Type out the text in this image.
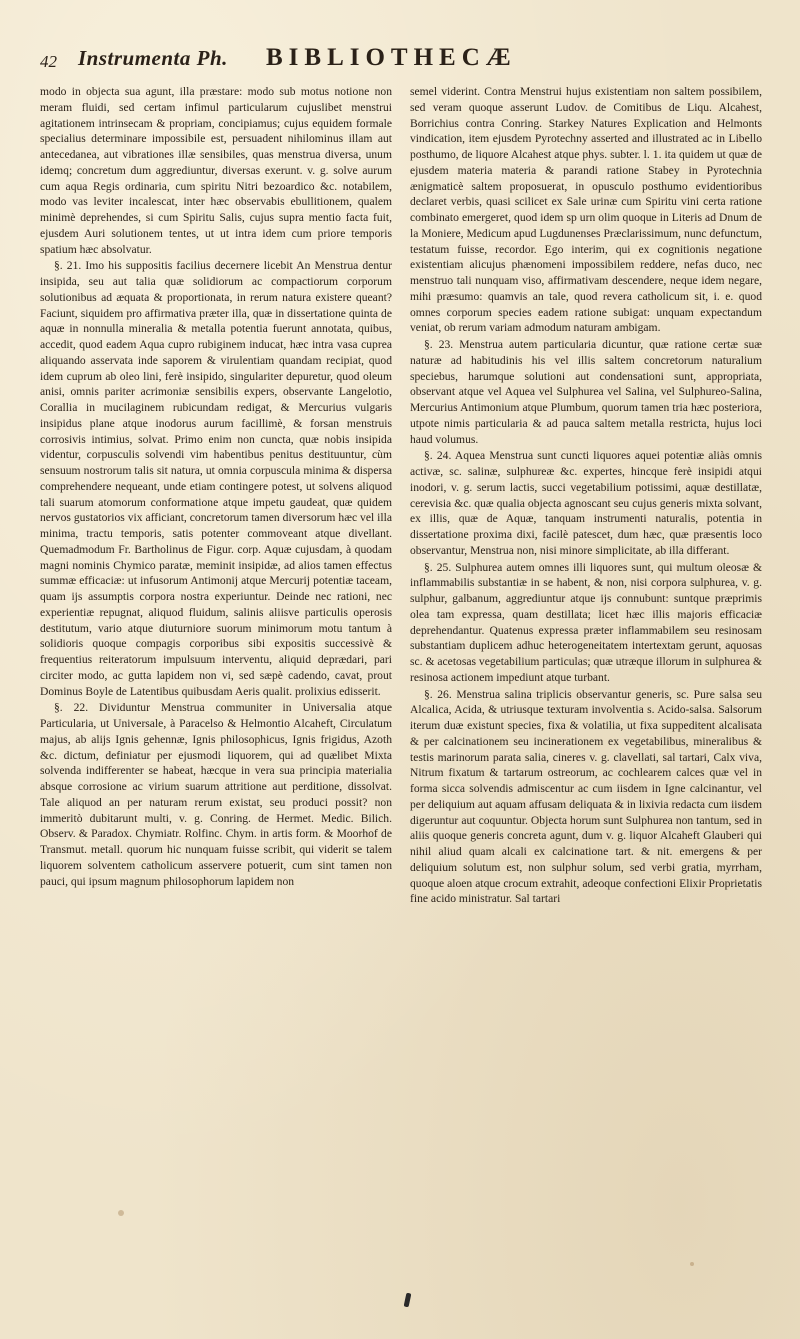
42 Instrumenta Ph. BIBLIOTHECÆ

modo in objecta sua agunt, illa præstare: modo sub motus notione non meram fluidi, sed certam infimul particularum cujuslibet menstrui agitationem intrinsecam & propriam, concipiamus; cujus equidem formale specialius determinare impossibile est, persuadent nihilominus illam aut antecedanea, aut vibrationes illæ sensibiles, quas menstrua diversa, unum idemq; concretum dum aggrediuntur, diversas exerunt. v. g. solve aurum cum aqua Regis ordinaria, cum spiritu Nitri bezoardico &c. notabilem, modo vas leviter incalescat, inter hæc observabis ebullitionem, qualem minimè deprehendes, si cum Spiritu Salis, cujus supra mentio facta fuit, ejusdem Auri solutionem tentes, ut ut intra idem cum priore temporis spatium hæc absolvatur.

§. 21. Imo his suppositis facilius decernere licebit An Menstrua dentur insipida, seu aut talia quæ solidiorum ac compactiorum corporum solutionibus ad æquata & proportionata, in rerum natura existere queant? Faciunt, siquidem pro affirmativa præter illa, quæ in dissertatione quinta de aquæ in nonnulla mineralia & metalla potentia fuerunt annotata, quibus, accedit, quod eadem Aqua cupro rubiginem inducat, hæc intra vasa cuprea aliquando asservata inde saporem & virulentiam quandam recipiat, quod idem cuprum ab oleo lini, ferè insipido, singulariter depuretur, quod oleum anisi, omnis pariter acrimoniæ sensibilis expers, observante Langelotio, Corallia in mucilaginem rubicundam redigat, & Mercurius vulgaris insipidus plane atque inodorus aurum facillimè, & forsan menstruis corrosivis intimius, solvat. Primo enim non cuncta, quæ nobis insipida videntur, corpusculis solvendi vim habentibus penitus destituuntur, cùm sensuum nostrorum talis sit natura, ut omnia corpuscula minima & dispersa comprehendere nequeant, unde etiam contingere potest, ut solvens aliquod tali suarum atomorum conformatione atque impetu gaudeat, quæ quidem nervos gustatorios vix afficiant, concretorum tamen diversorum hæc vel illa minima, tractu temporis, satis potenter commoveant atque divellant. Quemadmodum Fr. Bartholinus de Figur. corp. Aquæ cujusdam, à quodam magni nominis Chymico paratæ, meminit insipidæ, ad alios tamen effectus summæ efficaciæ: ut infusorum Antimonij atque Mercurij potentiæ taceam, quam ijs assumptis corpora nostra experiuntur. Deinde nec rationi, nec experientiæ repugnat, aliquod fluidum, salinis aliisve particulis operosis destitutum, vario atque diuturniore suorum minimorum motu tantum à solidioris quoque compagis corporibus sibi expositis successivè & frequentius reiteratorum impulsuum interventu, aliquid deprædari, pari circiter modo, ac gutta lapidem non vi, sed sæpè cadendo, cavat, prout Dominus Boyle de Latentibus quibusdam Aeris qualit. prolixius edisserit.

§. 22. Dividuntur Menstrua communiter in Universalia atque Particularia, ut Universale, à Paracelso & Helmontio Alcaheft, Circulatum majus, ab alijs Ignis gehennæ, Ignis philosophicus, Ignis frigidus, Azoth &c. dictum, definiatur per ejusmodi liquorem, qui ad quælibet Mixta solvenda indifferenter se habeat, hæcque in vera sua principia materialia absque corrosione ac virium suarum attritione aut perditione, dissolvat. Tale aliquod an per naturam rerum existat, seu produci possit? non immeritò dubitarunt multi, v. g. Conring. de Hermet. Medic. Bilich. Observ. & Paradox. Chymiatr. Rolfinc. Chym. in artis form. & Moorhof de Transmut. metall. quorum hic nunquam fuisse scribit, qui viderit se talem liquorem solventem catholicum asservere potuerit, cum sint tamen non pauci, qui ipsum magnum philosophorum lapidem non

semel viderint. Contra Menstrui hujus existentiam non saltem possibilem, sed veram quoque asserunt Ludov. de Comitibus de Liqu. Alcahest, Borrichius contra Conring. Starkey Natures Explication and Helmonts vindication, item ejusdem Pyrotechny asserted and illustrated ac in Libello posthumo, de liquore Alcahest atque phys. subter. l. 1. ita quidem ut quæ de ejusdem materia materia & parandi ratione Stabey in Pyrotechnia ænigmaticè saltem proposuerat, in opusculo posthumo evidentioribus declaret verbis, quasi scilicet ex Sale urinæ cum Spiritu vini certa ratione combinato emergeret, quod idem sp urn olim quoque in Literis ad Dnum de la Moniere, Medicum apud Lugdunenses Præclarissimum, nunc defunctum, testatum fuisse, recordor. Ego interim, qui ex cognitionis negatione existentiam alicujus phænomeni impossibilem reddere, nefas duco, nec menstruo tali nunquam viso, affirmativam descendere, neque idem negare, mihi præsumo: quamvis an tale, quod revera catholicum sit, i. e. quod omnes corporum species eadem ratione subigat: unquam expectandum veniat, ob rerum variam admodum naturam ambigam.

§. 23. Menstrua autem particularia dicuntur, quæ ratione certæ suæ naturæ ad habitudinis his vel illis saltem concretorum naturalium speciebus, harumque solutioni aut condensationi sunt, appropriata, observant atque vel Aquea vel Sulphurea vel Salina, vel Sulphureo-Salina, Mercurius Antimonium atque Plumbum, quorum tamen tria hæc posteriora, utpote nimis particularia & ad pauca saltem metalla restricta, hujus loci haud volumus.

§. 24. Aquea Menstrua sunt cuncti liquores aquei potentiæ aliàs omnis activæ, sc. salinæ, sulphureæ &c. expertes, hincque ferè insipidi atqui inodori, v. g. serum lactis, succi vegetabilium potissimi, aquæ destillatæ, cerevisia &c. quæ qualia objecta agnoscant seu cujus generis mixta solvant, ex illis, quæ de Aquæ, tanquam instrumenti naturalis, potentia in dissertatione proxima dixi, facilè patescet, dum hæc, quæ præsentis loco observantur, Menstrua non, nisi minore simplicitate, ab illa differant.

§. 25. Sulphurea autem omnes illi liquores sunt, qui multum oleosæ & inflammabilis substantiæ in se habent, & non, nisi corpora sulphurea, v. g. sulphur, galbanum, aggrediuntur atque ijs connubunt: suntque præprimis olea tam expressa, quam destillata; licet hæc illis majoris efficaciæ deprehendantur. Quatenus expressa præter inflammabilem seu resinosam substantiam duplicem adhuc heterogeneitatem intertextam gerunt, aquosas sc. & acetosas vegetabilium particulas; quæ utræque illorum in sulphurea & resinosa actionem impediunt atque turbant.

§. 26. Menstrua salina triplicis observantur generis, sc. Pure salsa seu Alcalica, Acida, & utriusque texturam involventia s. Acido-salsa. Salsorum iterum duæ existunt species, fixa & volatilia, ut fixa suppeditent alcalisata & per calcinationem seu incinerationem ex vegetabilibus, mineralibus & testis marinorum parata salia, cineres v. g. clavellati, sal tartari, Calx viva, Nitrum fixatum & tartarum ostreorum, ac cochlearem calces quæ vel in forma sicca solvendis admiscentur ac cum iisdem in Igne calcinantur, vel per deliquium aut aquam affusam deliquata & in lixivia redacta cum iisdem digeruntur aut coquuntur. Objecta horum sunt Sulphurea non tantum, sed in aliis quoque generis concreta agunt, dum v. g. liquor Alcaheft Glauberi qui nihil aliud quam alcali ex calcinatione tart. & nit. emergens & per deliquium solutum est, non sulphur solum, sed verbi gratia, myrrham, quoque aloen atque crocum extrahit, adeoque confectioni Elixir Proprietatis fine acido ministratur. Sal tartari
